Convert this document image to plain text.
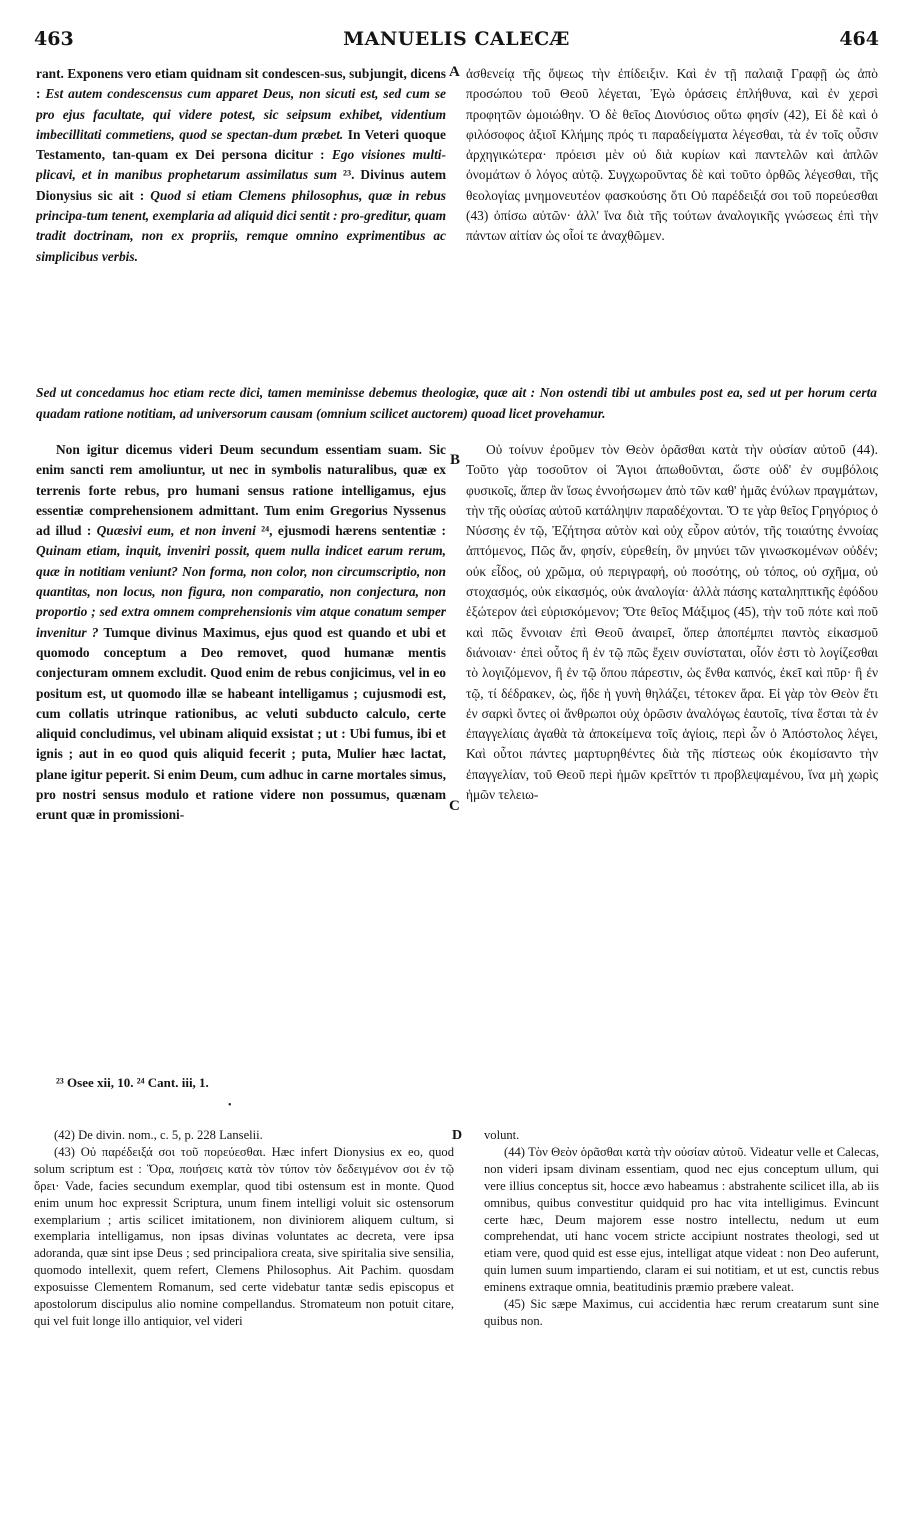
463	MANUELIS CALECÆ	464

rant. Exponens vero etiam quidnam sit condescen-sus, subjungit, dicens : Est autem condescensus cum apparet Deus, non sicuti est, sed cum se pro ejus facultate, qui videre potest, sic seipsum exhibet, videntium imbecillitati commetiens, quod se spectan-dum præbet. In Veteri quoque Testamento, tan-quam ex Dei persona dicitur : Ego visiones multi-plicavi, et in manibus prophetarum assimilatus sum ²³. Divinus autem Dionysius sic ait : Quod si etiam Clemens philosophus, quæ in rebus principa-tum tenent, exemplaria ad aliquid dici sentit : pro-greditur, quam tradit doctrinam, non ex propriis, remque omnino exprimentibus ac simplicibus verbis.

A ἀσθενείᾳ τῆς ὄψεως τὴν ἐπίδειξιν. Καὶ ἐν τῇ παλαιᾷ Γραφῇ ὡς ἀπὸ προσώπου τοῦ Θεοῦ λέγεται, Ἐγὼ ὁράσεις ἐπλήθυνα, καὶ ἐν χερσὶ προφητῶν ὡμοιώθην. Ὁ δὲ θεῖος Διονύσιος οὕτω φησίν (42), Εἰ δὲ καὶ ὁ φιλόσοφος ἀξιοῖ Κλήμης πρός τι παραδείγματα λέγεσθαι, τὰ ἐν τοῖς οὖσιν ἀρχηγικώτερα· πρόεισι μὲν οὐ διὰ κυρίων καὶ παντελῶν καὶ ἁπλῶν ὀνομάτων ὁ λόγος αὐτῷ. Συγχωροῦντας δὲ καὶ τοῦτο ὀρθῶς λέγεσθαι, τῆς θεολογίας μνημονευτέον φασκούσης ὅτι Οὐ παρέδειξά σοι τοῦ πορεύεσθαι (43) ὀπίσω αὐτῶν· ἀλλ' ἵνα διὰ τῆς τούτων ἀναλογικῆς γνώσεως ἐπὶ τὴν πάντων αἰτίαν ὡς οἷοί τε ἀναχθῶμεν.

Sed ut concedamus hoc etiam recte dici, tamen meminisse debemus theologiæ, quæ ait : Non ostendi tibi ut ambules post ea, sed ut per horum certa quadam ratione notitiam, ad universorum causam (omnium scilicet auctorem) quoad licet provehamur.

B

Non igitur dicemus videri Deum secundum essentiam suam. Sic enim sancti rem amoliuntur, ut nec in symbolis naturalibus, quæ ex terrenis forte rebus, pro humani sensus ratione intelligamus, ejus essentiæ comprehensionem admittant. Tum enim Gregorius Nyssenus ad illud : Quæsivi eum, et non inveni ²⁴, ejusmodi hærens sententiæ : Quinam etiam, inquit, inveniri possit, quem nulla indicet earum rerum, quæ in notitiam veniunt? Non forma, non color, non circumscriptio, non quantitas, non locus, non figura, non comparatio, non conjectura, non proportio ; sed extra omnem comprehensionis vim atque conatum semper invenitur ? Tumque divinus Maximus, ejus quod est quando et ubi et quomodo conceptum a Deo removet, quod humanæ mentis conjecturam omnem excludit. Quod enim de rebus conjicimus, vel in eo positum est, ut quomodo illæ se habeant intelligamus ; cujusmodi est, cum collatis utrinque rationibus, ac veluti subducto calculo, certe aliquid concludimus, vel ubinam aliquid exsistat ; ut : Ubi fumus, ibi et ignis ; aut in eo quod quis aliquid fecerit ; puta, Mulier hæc lactat, plane igitur peperit. Si enim Deum, cum adhuc in carne mortales simus, pro nostri sensus modulo et ratione videre non possumus, quænam erunt quæ in promissioni-

C

Οὐ τοίνυν ἐροῦμεν τὸν Θεὸν ὁρᾶσθαι κατὰ τὴν οὐσίαν αὐτοῦ (44). Τοῦτο γὰρ τοσοῦτον οἱ Ἅγιοι ἀπωθοῦνται, ὥστε οὐδ' ἐν συμβόλοις φυσικοῖς, ἅπερ ἂν ἴσως ἐννοήσωμεν ἀπὸ τῶν καθ' ἡμᾶς ἐνύλων πραγμάτων, τὴν τῆς οὐσίας αὐτοῦ κατάληψιν παραδέχονται. Ὅ τε γὰρ θεῖος Γρηγόριος ὁ Νύσσης ἐν τῷ, Ἐζήτησα αὐτὸν καὶ οὐχ εὗρον αὐτόν, τῆς τοιαύτης ἐννοίας ἀπτόμενος, Πῶς ἄν, φησίν, εὑρεθείη, ὃν μηνύει τῶν γινωσκομένων οὐδέν; οὐκ εἶδος, οὐ χρῶμα, οὐ περιγραφή, οὐ ποσότης, οὐ τόπος, οὐ σχῆμα, οὐ στοχασμός, οὐκ εἰκασμός, οὐκ ἀναλογία· ἀλλὰ πάσης καταληπτικῆς ἐφόδου ἐξώτερον ἀεὶ εὑρισκόμενον; Ὅτε θεῖος Μάξιμος (45), τὴν τοῦ πότε καὶ ποῦ καὶ πῶς ἔννοιαν ἐπὶ Θεοῦ ἀναιρεῖ, ὅπερ ἀποπέμπει παντὸς εἰκασμοῦ διάνοιαν· ἐπεὶ οὗτος ἢ ἐν τῷ πῶς ἔχειν συνίσταται, οἷόν ἐστι τὸ λογίζεσθαι τὸ λογιζόμενον, ἢ ἐν τῷ ὅπου πάρεστιν, ὡς ἔνθα καπνός, ἐκεῖ καὶ πῦρ· ἢ ἐν τῷ, τί δέδρακεν, ὡς, ἥδε ἡ γυνὴ θηλάζει, τέτοκεν ἄρα. Εἰ γὰρ τὸν Θεὸν ἔτι ἐν σαρκὶ ὄντες οἱ ἄνθρωποι οὐχ ὁρῶσιν ἀναλόγως ἑαυτοῖς, τίνα ἔσται τὰ ἐν ἐπαγγελίαις ἀγαθὰ τὰ ἀποκείμενα τοῖς ἁγίοις, περὶ ὧν ὁ Ἀπόστολος λέγει, Καὶ οὗτοι πάντες μαρτυρηθέντες διὰ τῆς πίστεως οὐκ ἐκομίσαντο τὴν ἐπαγγελίαν, τοῦ Θεοῦ περὶ ἡμῶν κρεῖττόν τι προβλεψαμένου, ἵνα μὴ χωρὶς ἡμῶν τελειω-

²³ Osee xii, 10. ²⁴ Cant. iii, 1.
•
D

(42) De divin. nom., c. 5, p. 228 Lanselii.

(43) Οὐ παρέδειξά σοι τοῦ πορεύεσθαι. Hæc infert Dionysius ex eo, quod solum scriptum est : Ὅρα, ποιήσεις κατὰ τὸν τύπον τὸν δεδειγμένον σοι ἐν τῷ ὄρει· Vade, facies secundum exemplar, quod tibi ostensum est in monte. Quod enim unum hoc expressit Scriptura, unum finem intelligi voluit sic ostensorum exemplarium ; artis scilicet imitationem, non diviniorem aliquem cultum, si exemplaria intelligamus, non ipsas divinas voluntates ac decreta, vere ipsa adoranda, quæ sint ipse Deus ; sed principaliora creata, sive spiritalia sive sensilia, quomodo intellexit, quem refert, Clemens Philosophus. Ait Pachim. quosdam exposuisse Clementem Romanum, sed certe videbatur tantæ sedis episcopus et apostolorum discipulus alio nomine compellandus. Stromateum non potuit citare, qui vel fuit longe illo antiquior, vel videri

volunt.

(44) Τὸν Θεὸν ὁρᾶσθαι κατὰ τὴν οὐσίαν αὐτοῦ. Videatur velle et Calecas, non videri ipsam divinam essentiam, quod nec ejus conceptum ullum, qui vere illius conceptus sit, hocce ævo habeamus : abstrahente scilicet illa, ab iis omnibus, quibus convestitur quidquid pro hac vita intelligimus. Evincunt certe hæc, Deum majorem esse nostro intellectu, nedum ut eum comprehendat, uti hanc vocem stricte accipiunt nostrates theologi, sed ut etiam vere, quod quid est esse ejus, intelligat atque videat : non Deo auferunt, quin lumen suum impartiendo, claram ei sui notitiam, et ut est, cunctis rebus eminens extraque omnia, beatitudinis præmio præbere valeat.

(45) Sic sæpe Maximus, cui accidentia hæc rerum creatarum sunt sine quibus non.
